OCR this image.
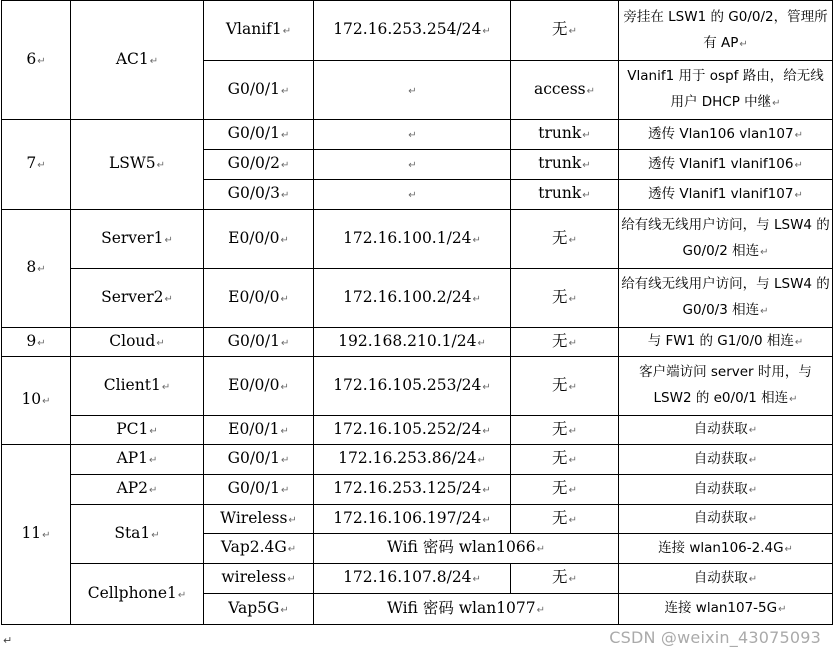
6↵	AC1↵	Vlanif1↵	172.16.253.254/24↵	无↵	旁挂在 LSW1 的 G0/0/2，管理所有 AP↵
		G0/0/1↵	↵	access↵	Vlanif1 用于 ospf 路由，给无线用户 DHCP 中继↵
7↵	LSW5↵	G0/0/1↵	↵	trunk↵	透传 Vlan106 vlan107↵
		G0/0/2↵	↵	trunk↵	透传 Vlanif1 vlanif106↵
		G0/0/3↵	↵	trunk↵	透传 Vlanif1 vlanif107↵
8↵	Server1↵	E0/0/0↵	172.16.100.1/24↵	无↵	给有线无线用户访问，与 LSW4 的 G0/0/2 相连↵
	Server2↵	E0/0/0↵	172.16.100.2/24↵	无↵	给有线无线用户访问，与 LSW4 的 G0/0/3 相连↵
9↵	Cloud↵	G0/0/1↵	192.168.210.1/24↵	无↵	与 FW1 的 G1/0/0 相连↵
10↵	Client1↵	E0/0/0↵	172.16.105.253/24↵	无↵	客户端访问 server 时用，与 LSW2 的 e0/0/1 相连↵
	PC1↵	E0/0/1↵	172.16.105.252/24↵	无↵	自动获取↵
11↵	AP1↵	G0/0/1↵	172.16.253.86/24↵	无↵	自动获取↵
	AP2↵	G0/0/1↵	172.16.253.125/24↵	无↵	自动获取↵
	Sta1↵	Wireless↵	172.16.106.197/24↵	无↵	自动获取↵
		Vap2.4G↵	Wifi 密码 wlan1066↵		连接 wlan106-2.4G↵
	Cellphone1↵	wireless↵	172.16.107.8/24↵	无↵	自动获取↵
		Vap5G↵	Wifi 密码 wlan1077↵		连接 wlan107-5G↵
↵	CSDN @weixin_43075093
